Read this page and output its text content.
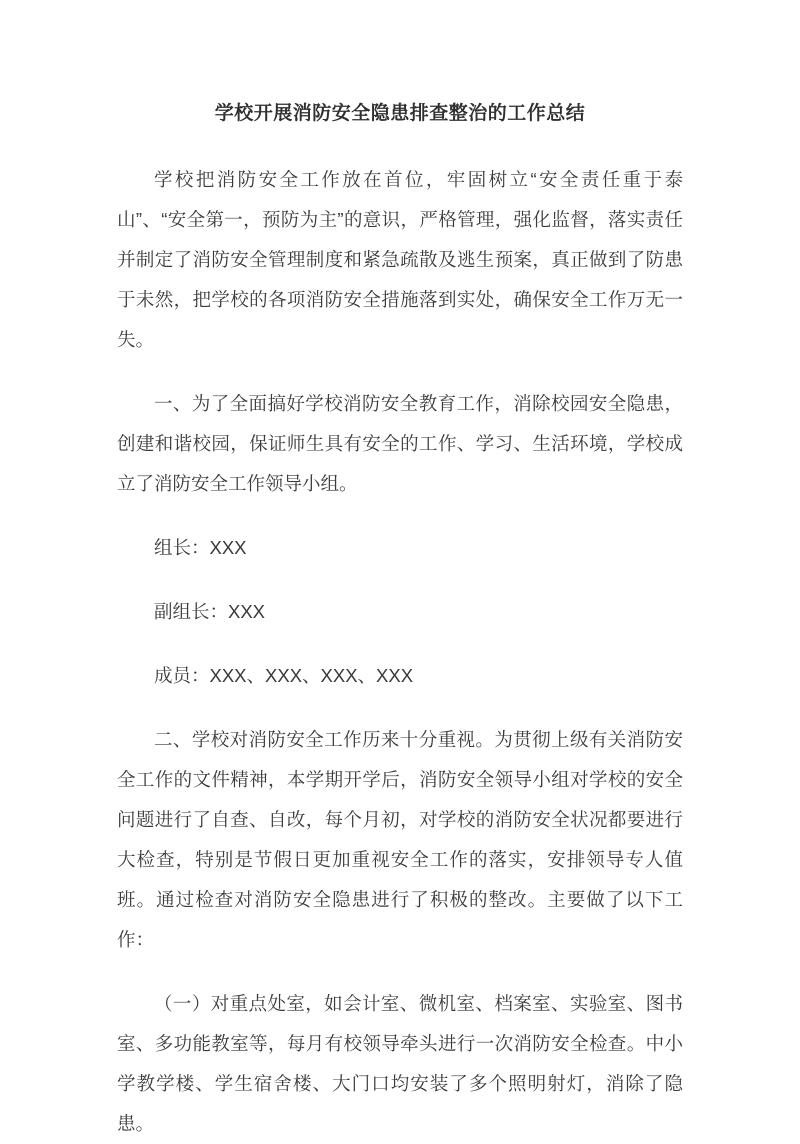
学校开展消防安全隐患排查整治的工作总结

学校把消防安全工作放在首位，牢固树立“安全责任重于泰山”、“安全第一，预防为主”的意识，严格管理，强化监督，落实责任并制定了消防安全管理制度和紧急疏散及逃生预案，真正做到了防患于未然，把学校的各项消防安全措施落到实处，确保安全工作万无一失。

一、为了全面搞好学校消防安全教育工作，消除校园安全隐患，创建和谐校园，保证师生具有安全的工作、学习、生活环境，学校成立了消防安全工作领导小组。

组长：XXX

副组长：XXX

成员：XXX、XXX、XXX、XXX

二、学校对消防安全工作历来十分重视。为贯彻上级有关消防安全工作的文件精神，本学期开学后，消防安全领导小组对学校的安全问题进行了自查、自改，每个月初，对学校的消防安全状况都要进行大检查，特别是节假日更加重视安全工作的落实，安排领导专人值班。通过检查对消防安全隐患进行了积极的整改。主要做了以下工作：

（一）对重点处室，如会计室、微机室、档案室、实验室、图书室、多功能教室等，每月有校领导牵头进行一次消防安全检查。中小学教学楼、学生宿舍楼、大门口均安装了多个照明射灯，消除了隐患。
